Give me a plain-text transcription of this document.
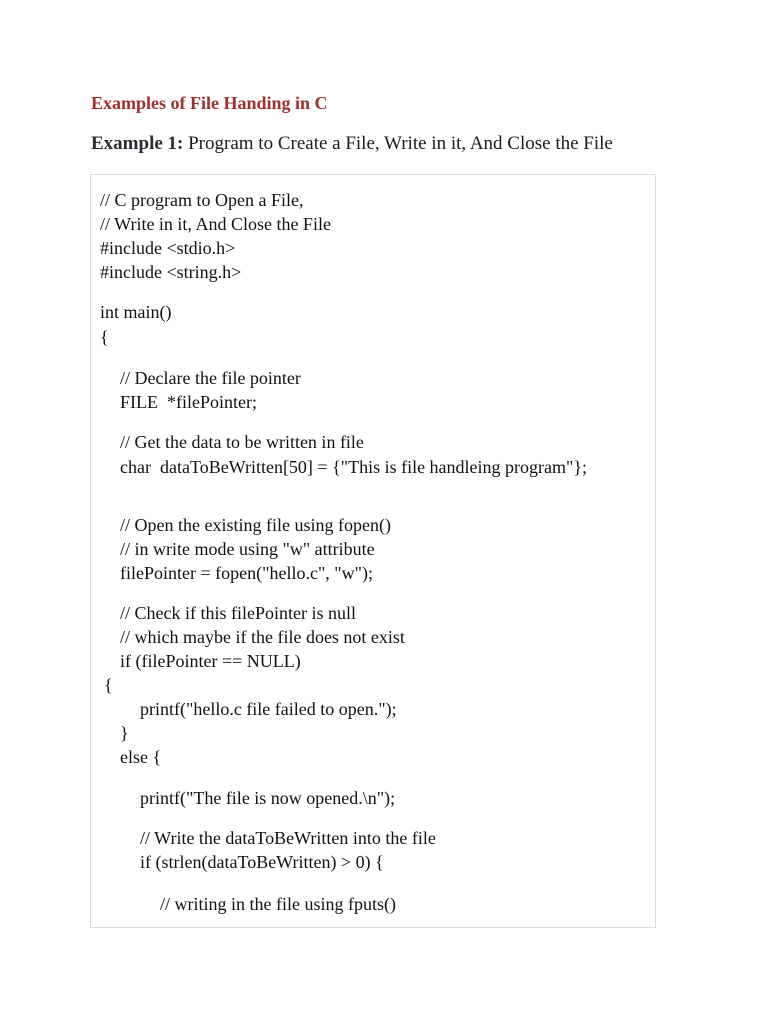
Examples of File Handing in C
Example 1: Program to Create a File, Write in it, And Close the File
// C program to Open a File,
// Write in it, And Close the File
#include <stdio.h>
#include <string.h>
int main()
{
// Declare the file pointer
FILE  *filePointer;
// Get the data to be written in file
char  dataToBeWritten[50] = {"This is file handleing program"};
// Open the existing file using fopen()
// in write mode using "w" attribute
filePointer = fopen("hello.c", "w");
// Check if this filePointer is null
// which maybe if the file does not exist
if (filePointer == NULL)
{
printf("hello.c file failed to open.");
}
else {
printf("The file is now opened.\n");
// Write the dataToBeWritten into the file
if (strlen(dataToBeWritten) > 0) {
// writing in the file using fputs()
